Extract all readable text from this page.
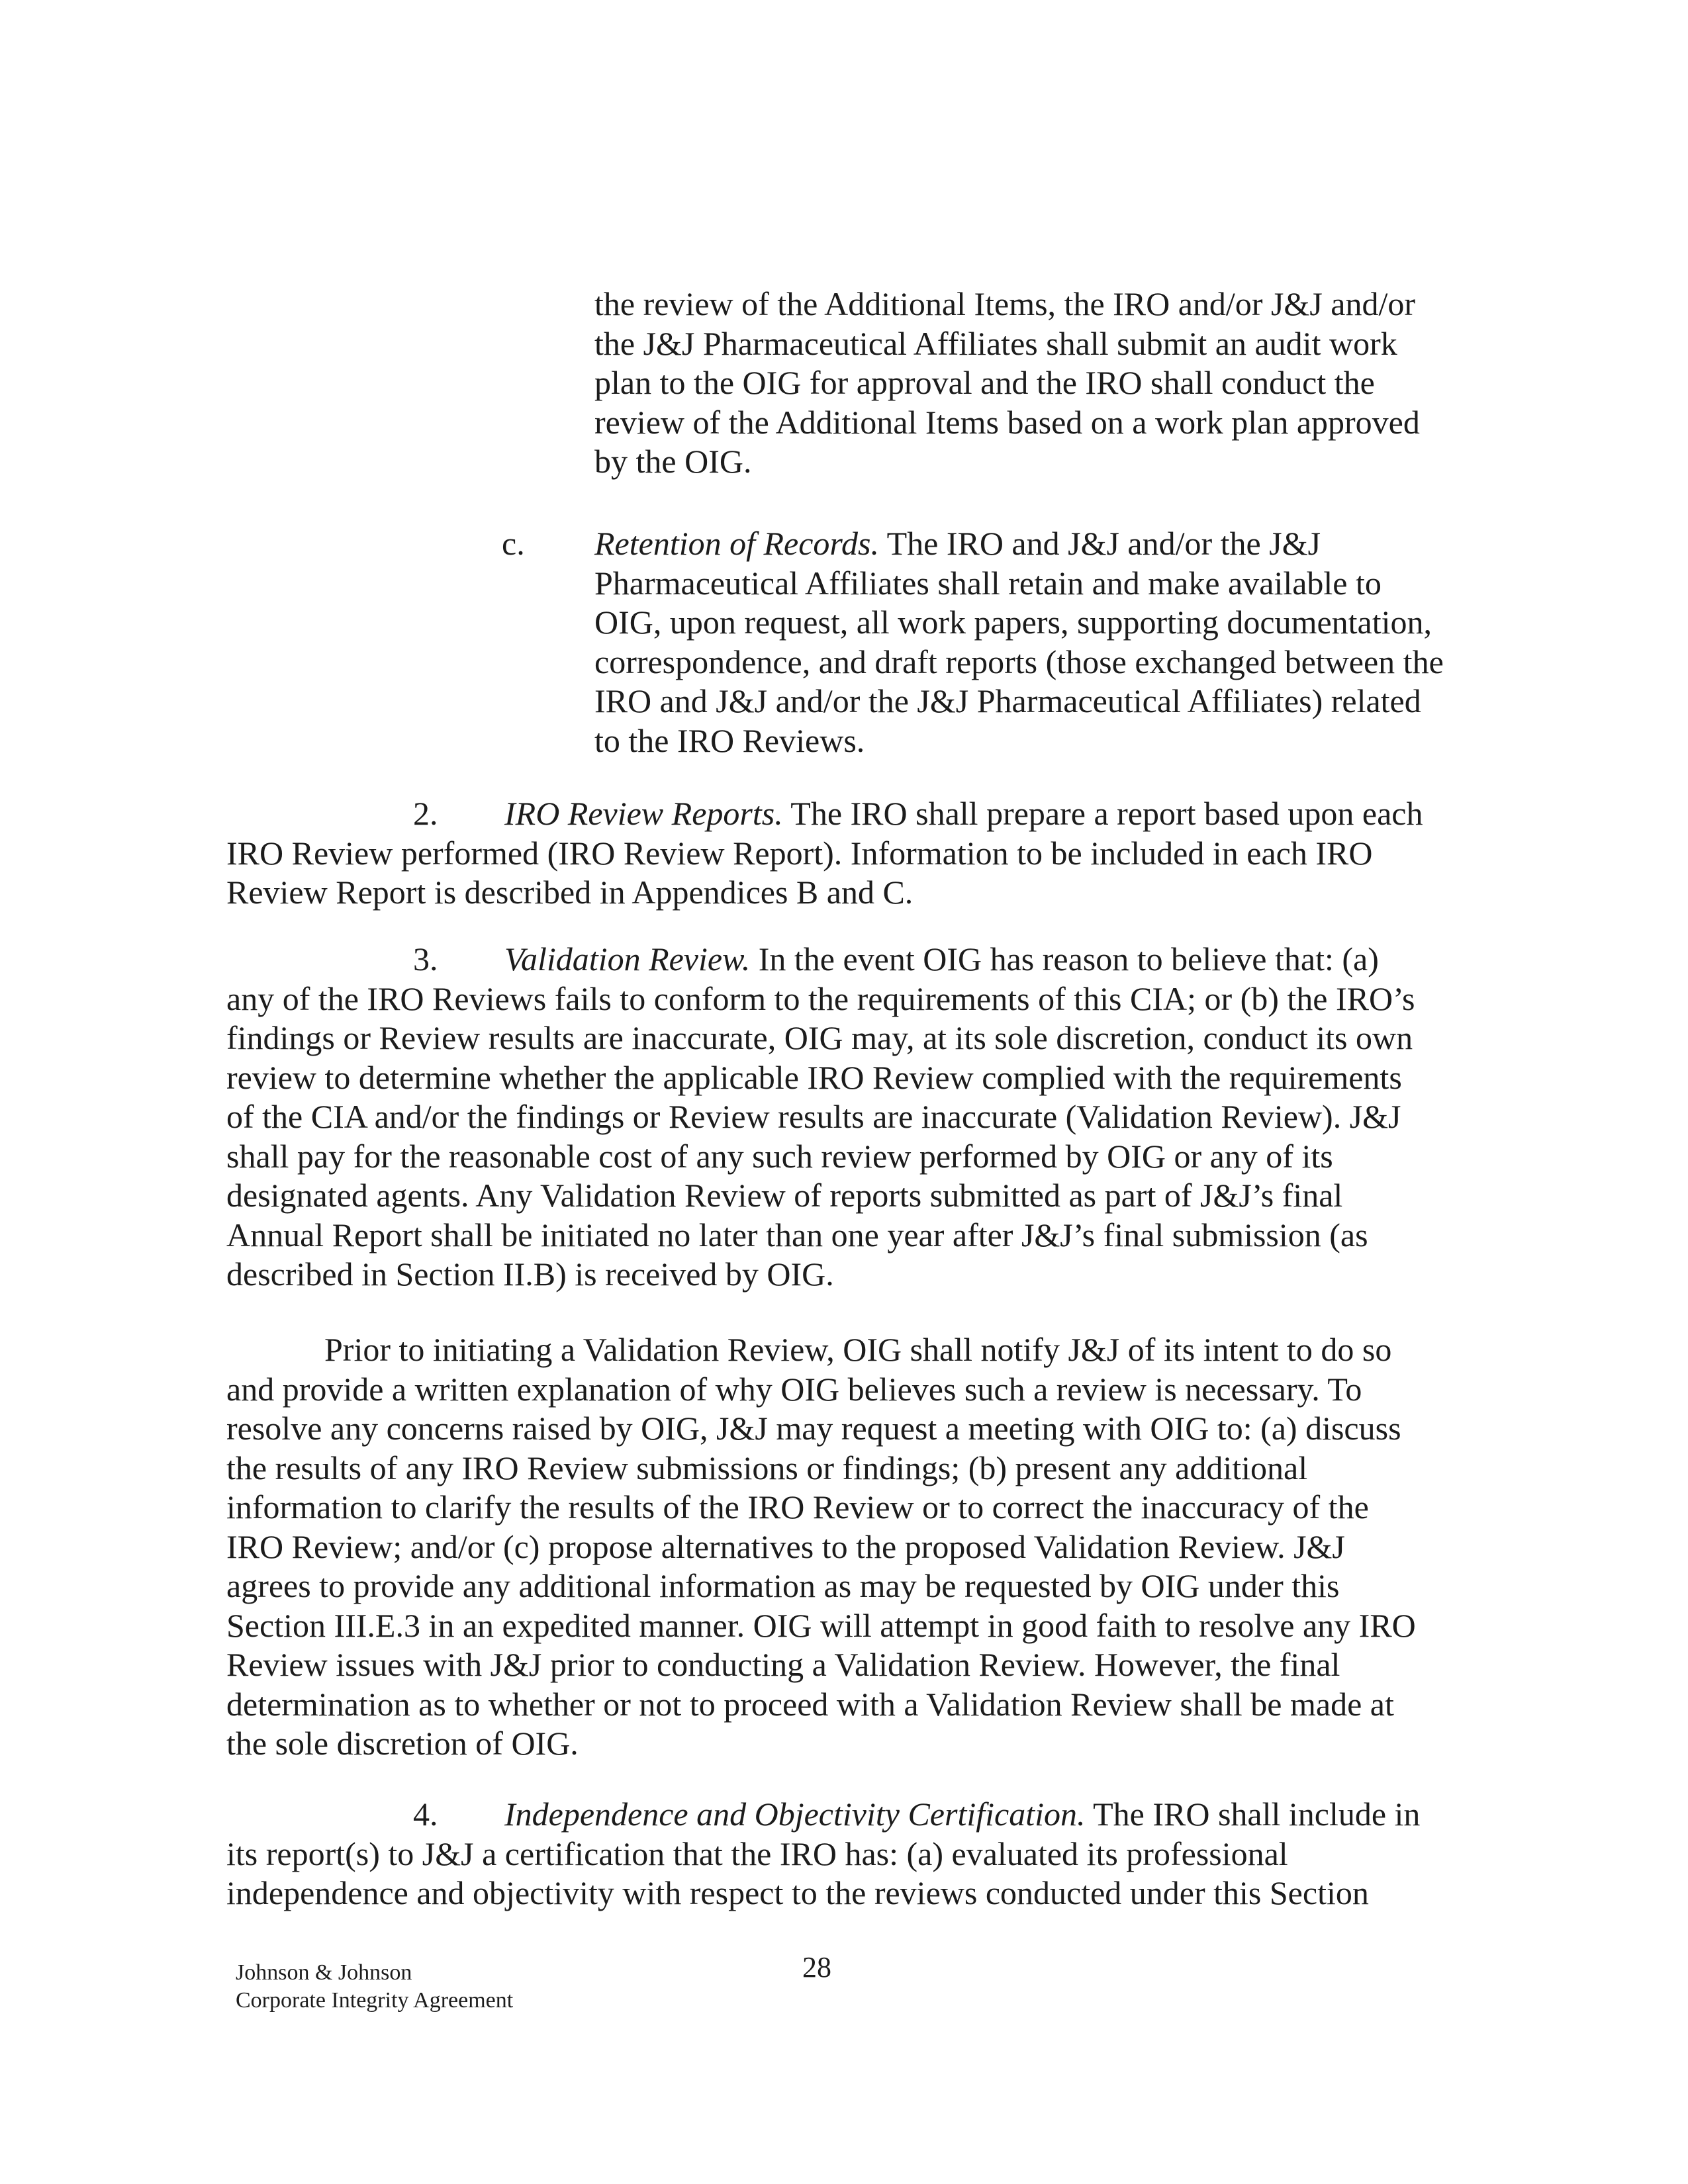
the review of the Additional Items, the IRO and/or J&J and/or the J&J Pharmaceutical Affiliates shall submit an audit work plan to the OIG for approval and the IRO shall conduct the review of the Additional Items based on a work plan approved by the OIG.

c. Retention of Records. The IRO and J&J and/or the J&J Pharmaceutical Affiliates shall retain and make available to OIG, upon request, all work papers, supporting documentation, correspondence, and draft reports (those exchanged between the IRO and J&J and/or the J&J Pharmaceutical Affiliates) related to the IRO Reviews.

2. IRO Review Reports. The IRO shall prepare a report based upon each IRO Review performed (IRO Review Report). Information to be included in each IRO Review Report is described in Appendices B and C.

3. Validation Review. In the event OIG has reason to believe that: (a) any of the IRO Reviews fails to conform to the requirements of this CIA; or (b) the IRO’s findings or Review results are inaccurate, OIG may, at its sole discretion, conduct its own review to determine whether the applicable IRO Review complied with the requirements of the CIA and/or the findings or Review results are inaccurate (Validation Review). J&J shall pay for the reasonable cost of any such review performed by OIG or any of its designated agents. Any Validation Review of reports submitted as part of J&J’s final Annual Report shall be initiated no later than one year after J&J’s final submission (as described in Section II.B) is received by OIG.

Prior to initiating a Validation Review, OIG shall notify J&J of its intent to do so and provide a written explanation of why OIG believes such a review is necessary. To resolve any concerns raised by OIG, J&J may request a meeting with OIG to: (a) discuss the results of any IRO Review submissions or findings; (b) present any additional information to clarify the results of the IRO Review or to correct the inaccuracy of the IRO Review; and/or (c) propose alternatives to the proposed Validation Review. J&J agrees to provide any additional information as may be requested by OIG under this Section III.E.3 in an expedited manner. OIG will attempt in good faith to resolve any IRO Review issues with J&J prior to conducting a Validation Review. However, the final determination as to whether or not to proceed with a Validation Review shall be made at the sole discretion of OIG.

4. Independence and Objectivity Certification. The IRO shall include in its report(s) to J&J a certification that the IRO has: (a) evaluated its professional independence and objectivity with respect to the reviews conducted under this Section

Johnson & Johnson
Corporate Integrity Agreement
28
